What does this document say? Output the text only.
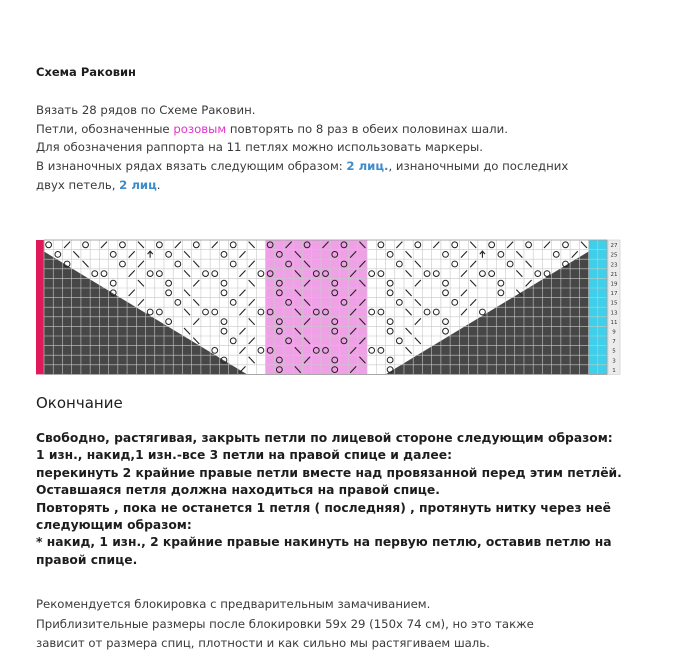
Схема Раковин

Вязать 28 рядов по Схеме Раковин.

Петли, обозначенные розовым повторять по 8 раз в обеих половинах шали.

Для обозначения раппорта на 11 петлях можно использовать маркеры.

В изнаночных рядах вязать следующим образом: 2 лиц., изнаночными до последних

двух петель, 2 лиц.

27
25
23
21
19
17
15
13
11
9
7
5
3
1
Окончание

Свободно, растягивая, закрыть петли по лицевой стороне следующим образом:

1 изн., накид,1 изн.-все 3 петли на правой спице и далее:

перекинуть 2 крайние правые петли вместе над провязанной перед этим петлёй.

Оставшаяся петля должна находиться на правой спице.

Повторять , пока не останется 1 петля ( последняя) , протянуть нитку через неё

следующим образом:

* накид, 1 изн., 2 крайние правые накинуть на первую петлю, оставив петлю на

правой спице.

Рекомендуется блокировка с предварительным замачиванием.

Приблизительные размеры после блокировки 59х 29 (150х 74 см), но это также

зависит от размера спиц, плотности и как сильно мы растягиваем шаль.
